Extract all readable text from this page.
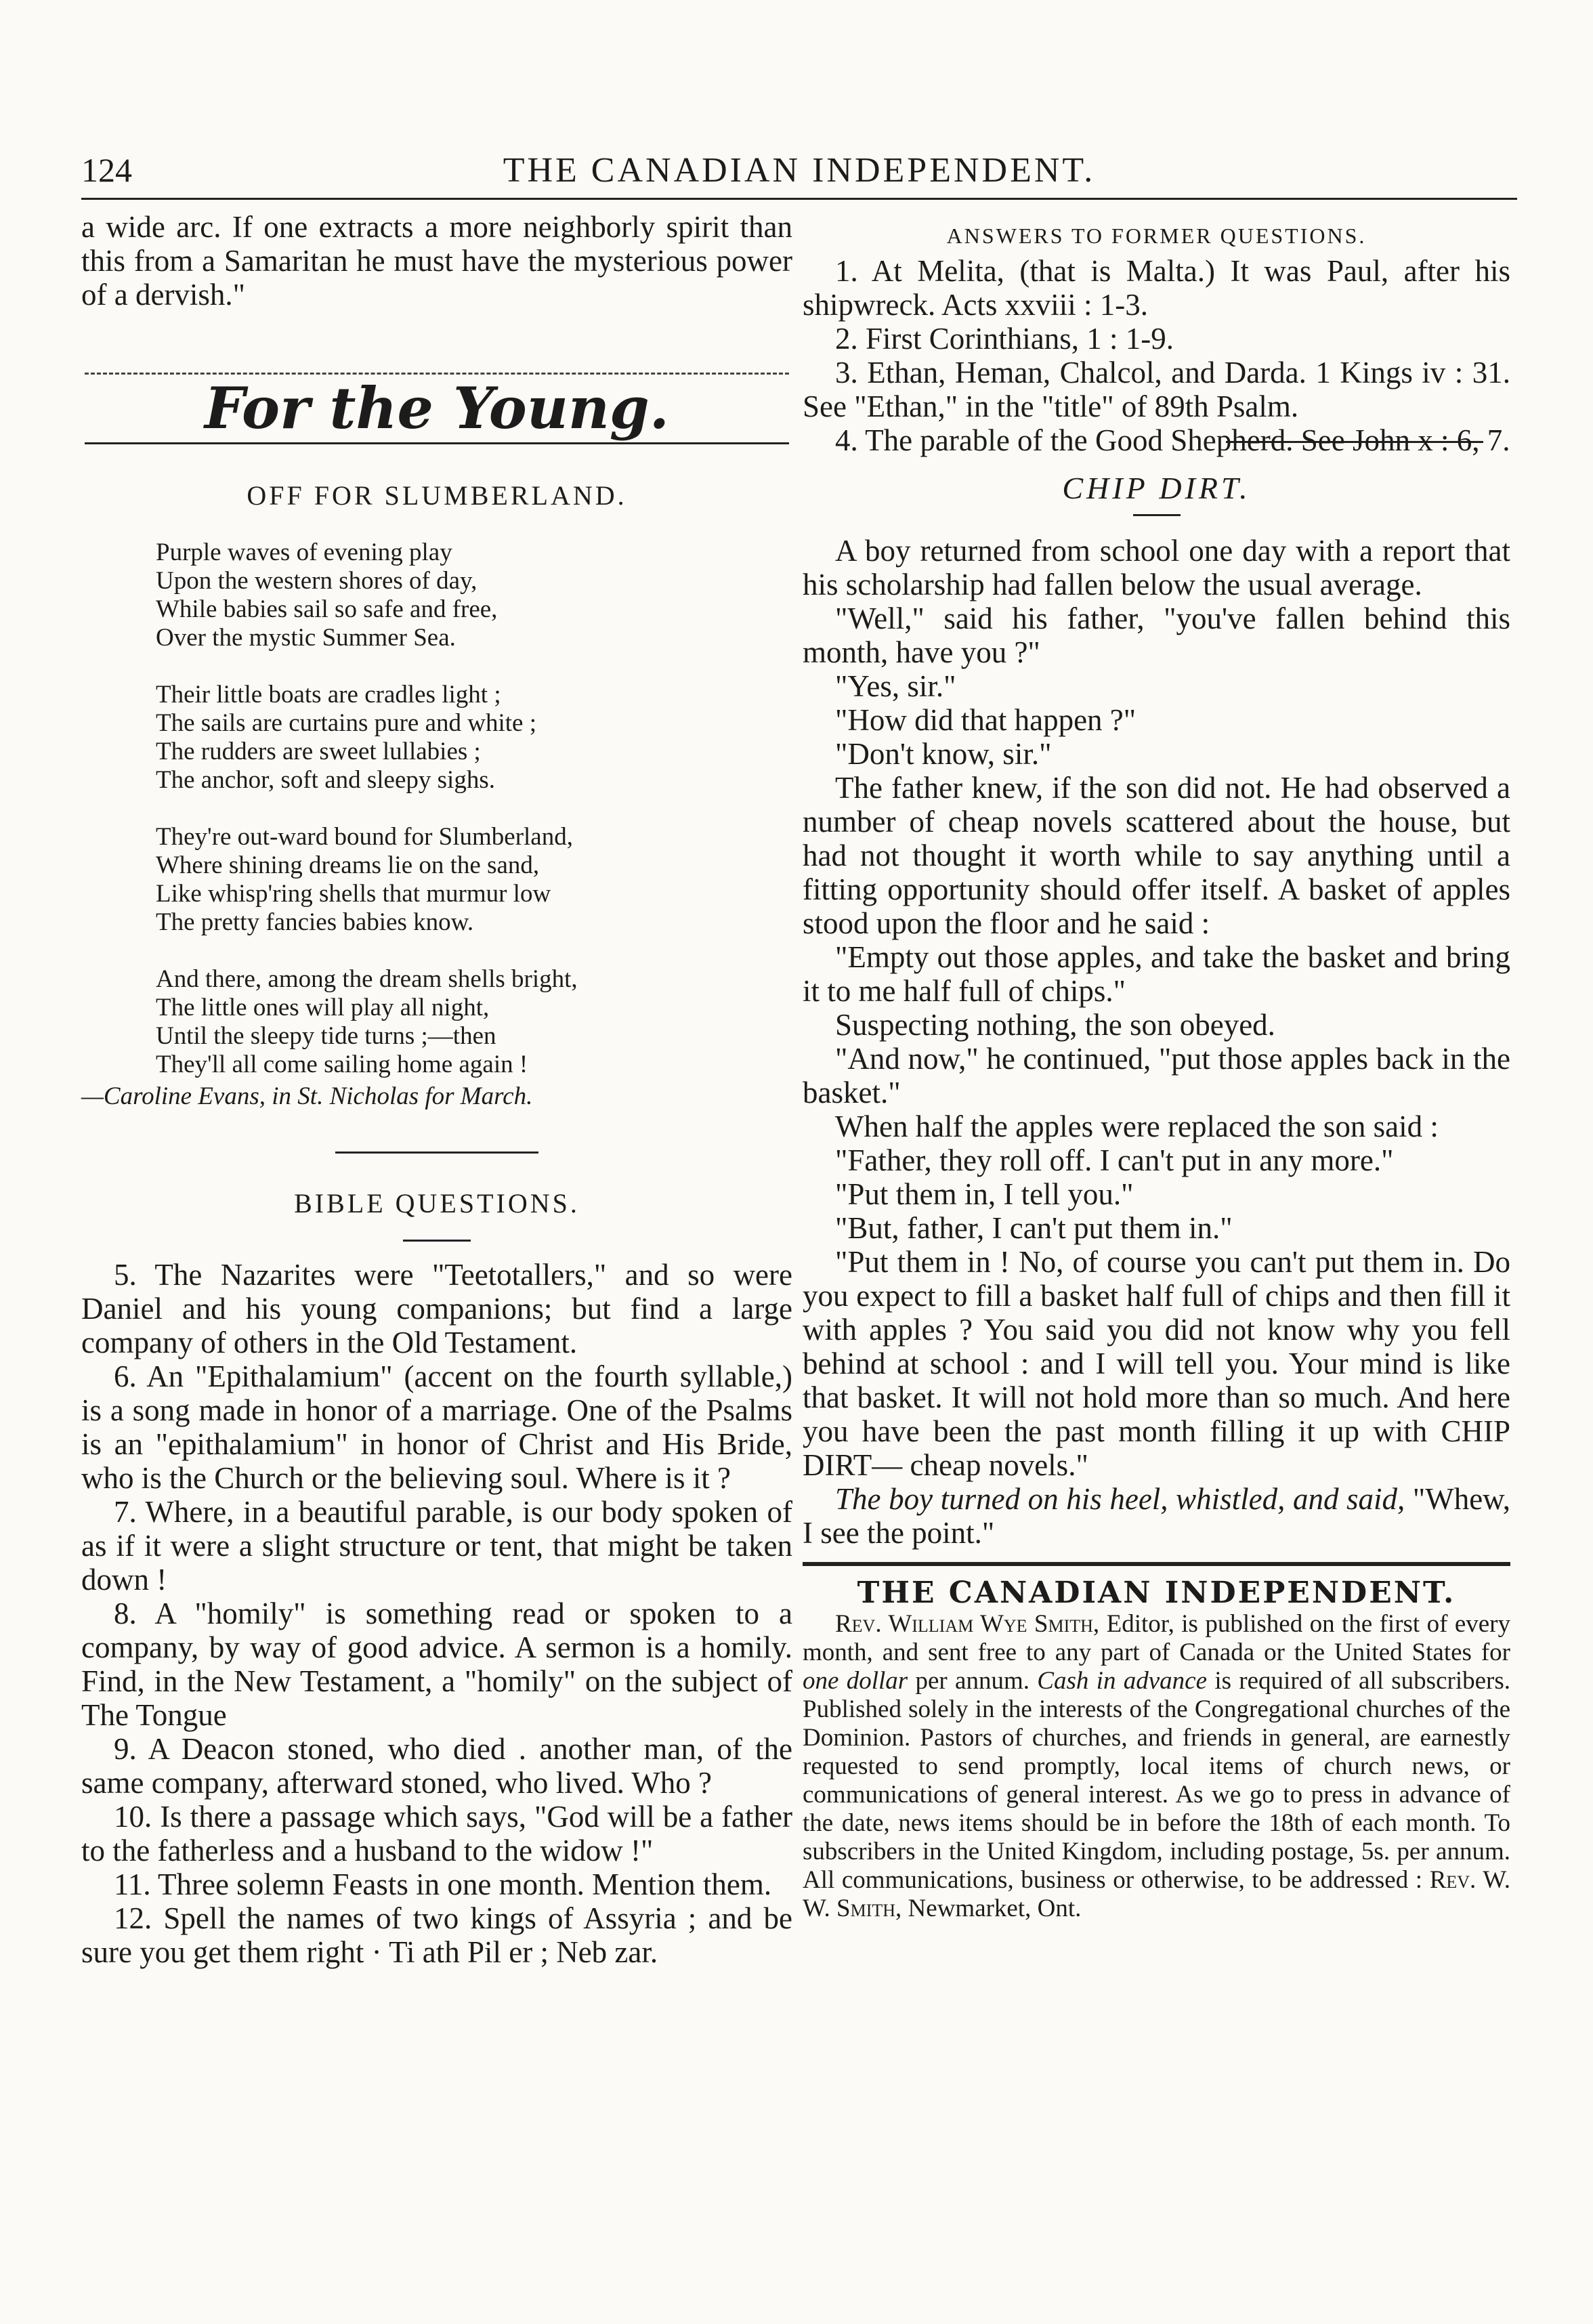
124	THE CANADIAN INDEPENDENT.

a wide arc. If one extracts a more neighborly spirit than this from a Samaritan he must have the mysterious power of a dervish."

For the Young.

OFF FOR SLUMBERLAND.

Purple waves of evening play
Upon the western shores of day,
While babies sail so safe and free,
Over the mystic Summer Sea.
Their little boats are cradles light ;
The sails are curtains pure and white ;
The rudders are sweet lullabies ;
The anchor, soft and sleepy sighs.
They're out-ward bound for Slumberland,
Where shining dreams lie on the sand,
Like whisp'ring shells that murmur low
The pretty fancies babies know.
And there, among the dream shells bright,
The little ones will play all night,
Until the sleepy tide turns ;—then
They'll all come sailing home again !

—Caroline Evans, in St. Nicholas for March.

BIBLE QUESTIONS.

5. The Nazarites were "Teetotallers," and so were Daniel and his young companions; but find a large company of others in the Old Testament.

6. An "Epithalamium" (accent on the fourth syllable,) is a song made in honor of a marriage. One of the Psalms is an "epithalamium" in honor of Christ and His Bride, who is the Church or the believing soul. Where is it ?

7. Where, in a beautiful parable, is our body spoken of as if it were a slight structure or tent, that might be taken down !

8. A "homily" is something read or spoken to a company, by way of good advice. A sermon is a homily. Find, in the New Testament, a "homily" on the subject of The Tongue

9. A Deacon stoned, who died . another man, of the same company, afterward stoned, who lived. Who ?

10. Is there a passage which says, "God will be a father to the fatherless and a husband to the widow !"

11. Three solemn Feasts in one month. Mention them.

12. Spell the names of two kings of Assyria ; and be sure you get them right · Ti ath Pil er ; Neb zar.

ANSWERS TO FORMER QUESTIONS.

1. At Melita, (that is Malta.) It was Paul, after his shipwreck. Acts xxviii : 1-3.

2. First Corinthians, 1 : 1-9.

3. Ethan, Heman, Chalcol, and Darda. 1 Kings iv : 31. See "Ethan," in the "title" of 89th Psalm.

4. The parable of the Good Shepherd. See John x : 6, 7.

CHIP DIRT.

A boy returned from school one day with a report that his scholarship had fallen below the usual average.

"Well," said his father, "you've fallen behind this month, have you ?"

"Yes, sir."

"How did that happen ?"

"Don't know, sir."

The father knew, if the son did not. He had observed a number of cheap novels scattered about the house, but had not thought it worth while to say anything until a fitting opportunity should offer itself. A basket of apples stood upon the floor and he said :

"Empty out those apples, and take the basket and bring it to me half full of chips."

Suspecting nothing, the son obeyed.

"And now," he continued, "put those apples back in the basket."

When half the apples were replaced the son said :

"Father, they roll off. I can't put in any more."

"Put them in, I tell you."

"But, father, I can't put them in."

"Put them in ! No, of course you can't put them in. Do you expect to fill a basket half full of chips and then fill it with apples ? You said you did not know why you fell behind at school : and I will tell you. Your mind is like that basket. It will not hold more than so much. And here you have been the past month filling it up with CHIP DIRT— cheap novels."

The boy turned on his heel, whistled, and said, "Whew, I see the point."

THE CANADIAN INDEPENDENT.

Rev. William Wye Smith, Editor, is published on the first of every month, and sent free to any part of Canada or the United States for one dollar per annum. Cash in advance is required of all subscribers. Published solely in the interests of the Congregational churches of the Dominion. Pastors of churches, and friends in general, are earnestly requested to send promptly, local items of church news, or communications of general interest. As we go to press in advance of the date, news items should be in before the 18th of each month. To subscribers in the United Kingdom, including postage, 5s. per annum. All communications, business or otherwise, to be addressed : Rev. W. W. Smith, Newmarket, Ont.
